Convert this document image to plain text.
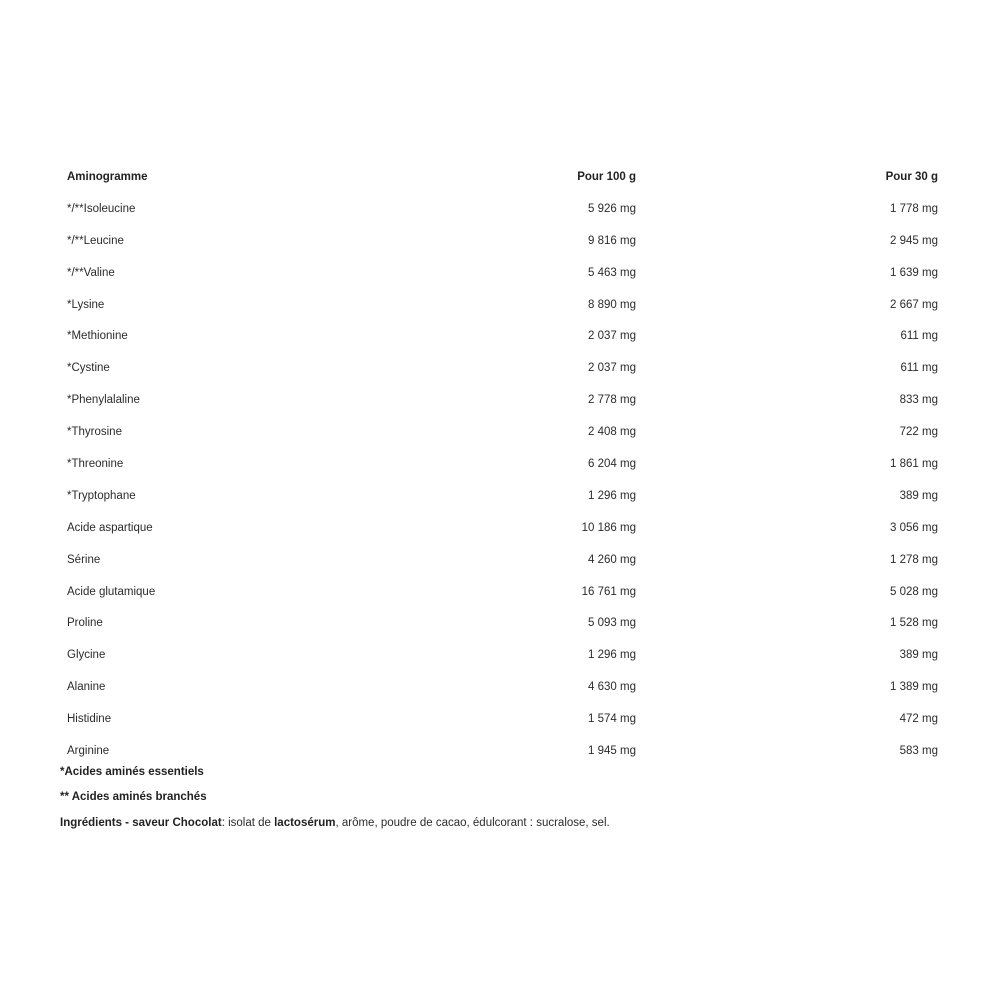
Aminogramme	Pour 100 g	Pour 30 g
*/**Isoleucine	5 926 mg	1 778 mg
*/**Leucine	9 816 mg	2 945 mg
*/**Valine	5 463 mg	1 639 mg
*Lysine	8 890 mg	2 667 mg
*Methionine	2 037 mg	611 mg
*Cystine	2 037 mg	611 mg
*Phenylalaline	2 778 mg	833 mg
*Thyrosine	2 408 mg	722 mg
*Threonine	6 204 mg	1 861 mg
*Tryptophane	1 296 mg	389 mg
Acide aspartique	10 186 mg	3 056 mg
Sérine	4 260 mg	1 278 mg
Acide glutamique	16 761 mg	5 028 mg
Proline	5 093 mg	1 528 mg
Glycine	1 296 mg	389 mg
Alanine	4 630 mg	1 389 mg
Histidine	1 574 mg	472 mg
Arginine	1 945 mg	583 mg
*Acides aminés essentiels
** Acides aminés branchés
Ingrédients - saveur Chocolat: isolat de lactosérum, arôme, poudre de cacao, édulcorant : sucralose, sel.
